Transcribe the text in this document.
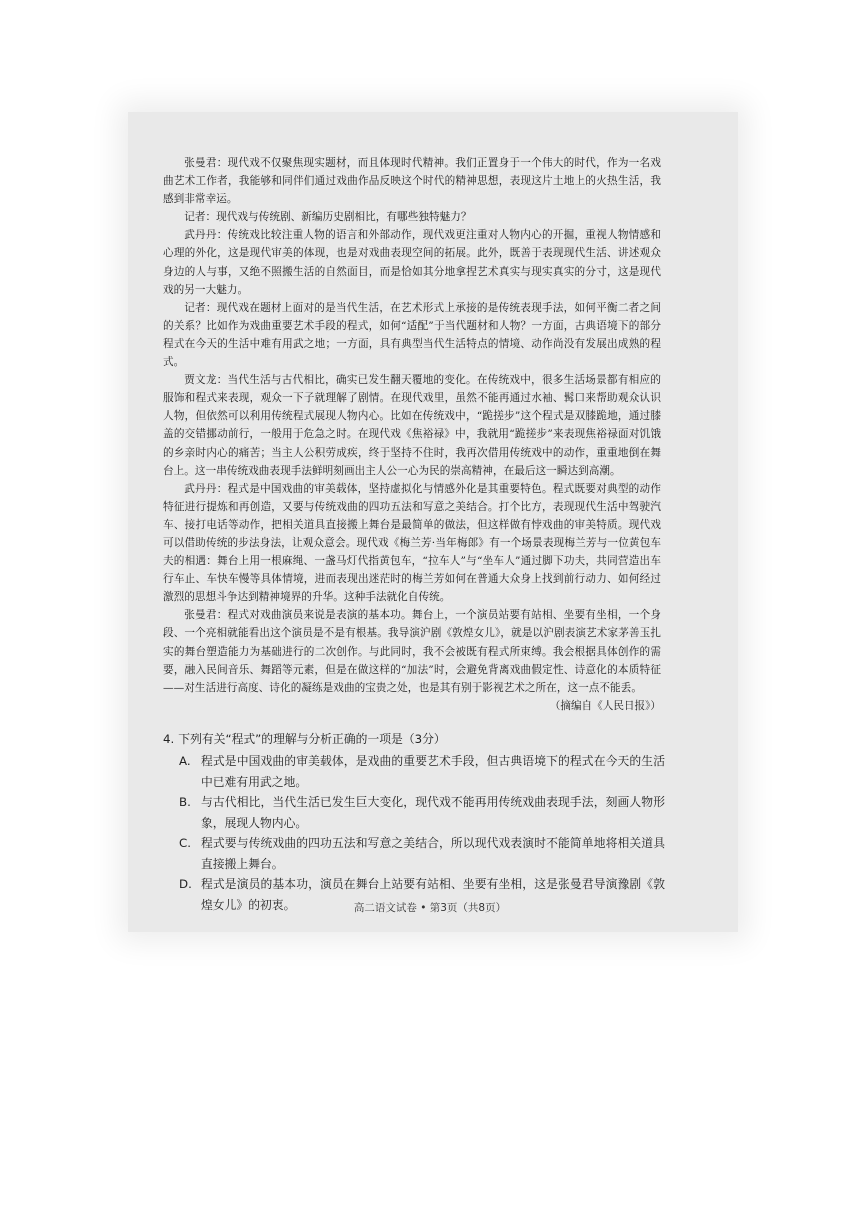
张曼君：现代戏不仅聚焦现实题材，而且体现时代精神。我们正置身于一个伟大的时代，作为一名戏曲艺术工作者，我能够和同伴们通过戏曲作品反映这个时代的精神思想，表现这片土地上的火热生活，我感到非常幸运。

记者：现代戏与传统剧、新编历史剧相比，有哪些独特魅力？

武丹丹：传统戏比较注重人物的语言和外部动作，现代戏更注重对人物内心的开掘，重视人物情感和心理的外化，这是现代审美的体现，也是对戏曲表现空间的拓展。此外，既善于表现现代生活、讲述观众身边的人与事，又绝不照搬生活的自然面目，而是恰如其分地拿捏艺术真实与现实真实的分寸，这是现代戏的另一大魅力。

记者：现代戏在题材上面对的是当代生活，在艺术形式上承接的是传统表现手法，如何平衡二者之间的关系？比如作为戏曲重要艺术手段的程式，如何“适配”于当代题材和人物？一方面，古典语境下的部分程式在今天的生活中难有用武之地；一方面，具有典型当代生活特点的情境、动作尚没有发展出成熟的程式。

贾文龙：当代生活与古代相比，确实已发生翻天覆地的变化。在传统戏中，很多生活场景都有相应的服饰和程式来表现，观众一下子就理解了剧情。在现代戏里，虽然不能再通过水袖、髯口来帮助观众认识人物，但依然可以利用传统程式展现人物内心。比如在传统戏中，“跪搓步”这个程式是双膝跪地，通过膝盖的交错挪动前行，一般用于危急之时。在现代戏《焦裕禄》中，我就用“跪搓步”来表现焦裕禄面对饥饿的乡亲时内心的痛苦；当主人公积劳成疾，终于坚持不住时，我再次借用传统戏中的动作，重重地倒在舞台上。这一串传统戏曲表现手法鲜明刻画出主人公一心为民的崇高精神，在最后这一瞬达到高潮。

武丹丹：程式是中国戏曲的审美载体，坚持虚拟化与情感外化是其重要特色。程式既要对典型的动作特征进行提炼和再创造，又要与传统戏曲的四功五法和写意之美结合。打个比方，表现现代生活中驾驶汽车、接打电话等动作，把相关道具直接搬上舞台是最简单的做法，但这样做有悖戏曲的审美特质。现代戏可以借助传统的步法身法，让观众意会。现代戏《梅兰芳·当年梅郎》有一个场景表现梅兰芳与一位黄包车夫的相遇：舞台上用一根麻绳、一盏马灯代指黄包车，“拉车人”与“坐车人”通过脚下功夫，共同营造出车行车止、车快车慢等具体情境，进而表现出迷茫时的梅兰芳如何在普通大众身上找到前行动力、如何经过激烈的思想斗争达到精神境界的升华。这种手法就化自传统。

张曼君：程式对戏曲演员来说是表演的基本功。舞台上，一个演员站要有站相、坐要有坐相，一个身段、一个亮相就能看出这个演员是不是有根基。我导演沪剧《敦煌女儿》，就是以沪剧表演艺术家茅善玉扎实的舞台塑造能力为基础进行的二次创作。与此同时，我不会被既有程式所束缚。我会根据具体创作的需要，融入民间音乐、舞蹈等元素，但是在做这样的“加法”时，会避免背离戏曲假定性、诗意化的本质特征——对生活进行高度、诗化的凝练是戏曲的宝贵之处，也是其有别于影视艺术之所在，这一点不能丢。

（摘编自《人民日报》）

4. 下列有关“程式”的理解与分析正确的一项是（3分）

A. 程式是中国戏曲的审美载体，是戏曲的重要艺术手段，但古典语境下的程式在今天的生活中已难有用武之地。
B. 与古代相比，当代生活已发生巨大变化，现代戏不能再用传统戏曲表现手法，刻画人物形象，展现人物内心。
C. 程式要与传统戏曲的四功五法和写意之美结合，所以现代戏表演时不能简单地将相关道具直接搬上舞台。
D. 程式是演员的基本功，演员在舞台上站要有站相、坐要有坐相，这是张曼君导演豫剧《敦煌女儿》的初衷。	高二语文试卷 • 第3页（共8页）
